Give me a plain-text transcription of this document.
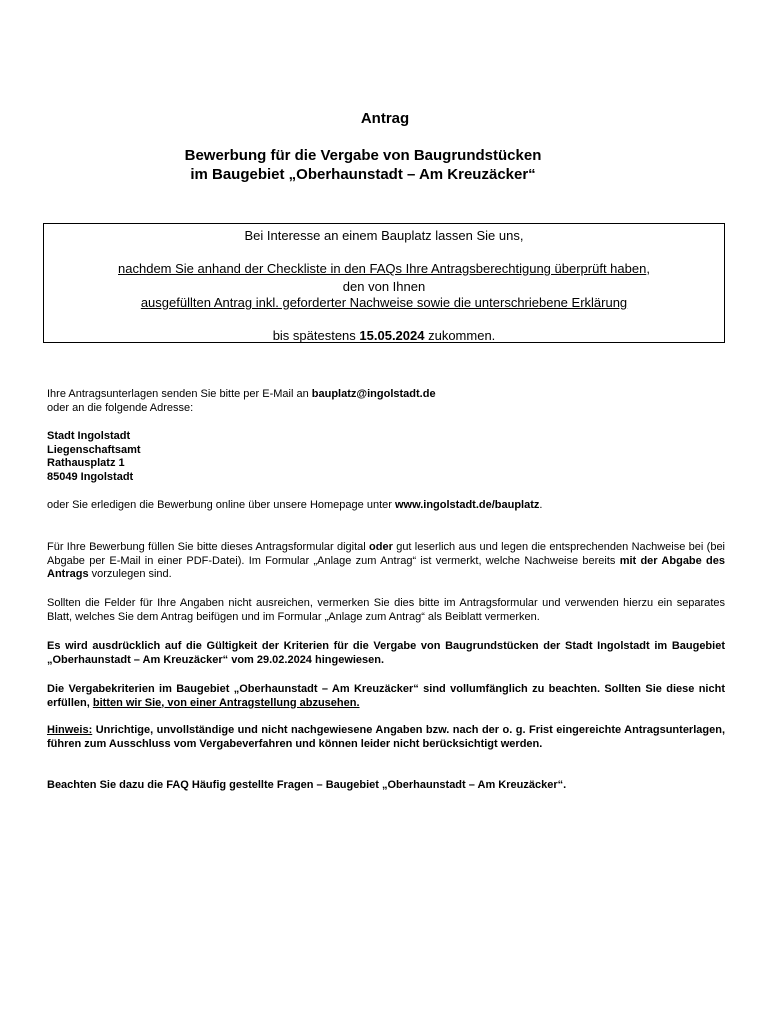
Antrag
Bewerbung für die Vergabe von Baugrundstücken
im Baugebiet „Oberhaunstadt – Am Kreuzäcker“
Bei Interesse an einem Bauplatz lassen Sie uns,
nachdem Sie anhand der Checkliste in den FAQs Ihre Antragsberechtigung überprüft haben,
den von Ihnen
ausgefüllten Antrag inkl. geforderter Nachweise sowie die unterschriebene Erklärung
bis spätestens 15.05.2024 zukommen.
Ihre Antragsunterlagen senden Sie bitte per E-Mail an bauplatz@ingolstadt.de
oder an die folgende Adresse:
Stadt Ingolstadt
Liegenschaftsamt
Rathausplatz 1
85049 Ingolstadt
oder Sie erledigen die Bewerbung online über unsere Homepage unter www.ingolstadt.de/bauplatz.
Für Ihre Bewerbung füllen Sie bitte dieses Antragsformular digital oder gut leserlich aus und legen die entsprechenden Nachweise bei (bei Abgabe per E-Mail in einer PDF-Datei). Im Formular „Anlage zum Antrag“ ist vermerkt, welche Nachweise bereits mit der Abgabe des Antrags vorzulegen sind.
Sollten die Felder für Ihre Angaben nicht ausreichen, vermerken Sie dies bitte im Antragsformular und verwenden hierzu ein separates Blatt, welches Sie dem Antrag beifügen und im Formular „Anlage zum Antrag“ als Beiblatt vermerken.
Es wird ausdrücklich auf die Gültigkeit der Kriterien für die Vergabe von Baugrundstücken der Stadt Ingolstadt im Baugebiet „Oberhaunstadt – Am Kreuzäcker“ vom 29.02.2024 hingewiesen.
Die Vergabekriterien im Baugebiet „Oberhaunstadt – Am Kreuzäcker“ sind vollumfänglich zu beachten. Sollten Sie diese nicht erfüllen, bitten wir Sie, von einer Antragstellung abzusehen.
Hinweis: Unrichtige, unvollständige und nicht nachgewiesene Angaben bzw. nach der o. g. Frist eingereichte Antragsunterlagen, führen zum Ausschluss vom Vergabeverfahren und können leider nicht berücksichtigt werden.
Beachten Sie dazu die FAQ Häufig gestellte Fragen – Baugebiet „Oberhaunstadt – Am Kreuzäcker“.
